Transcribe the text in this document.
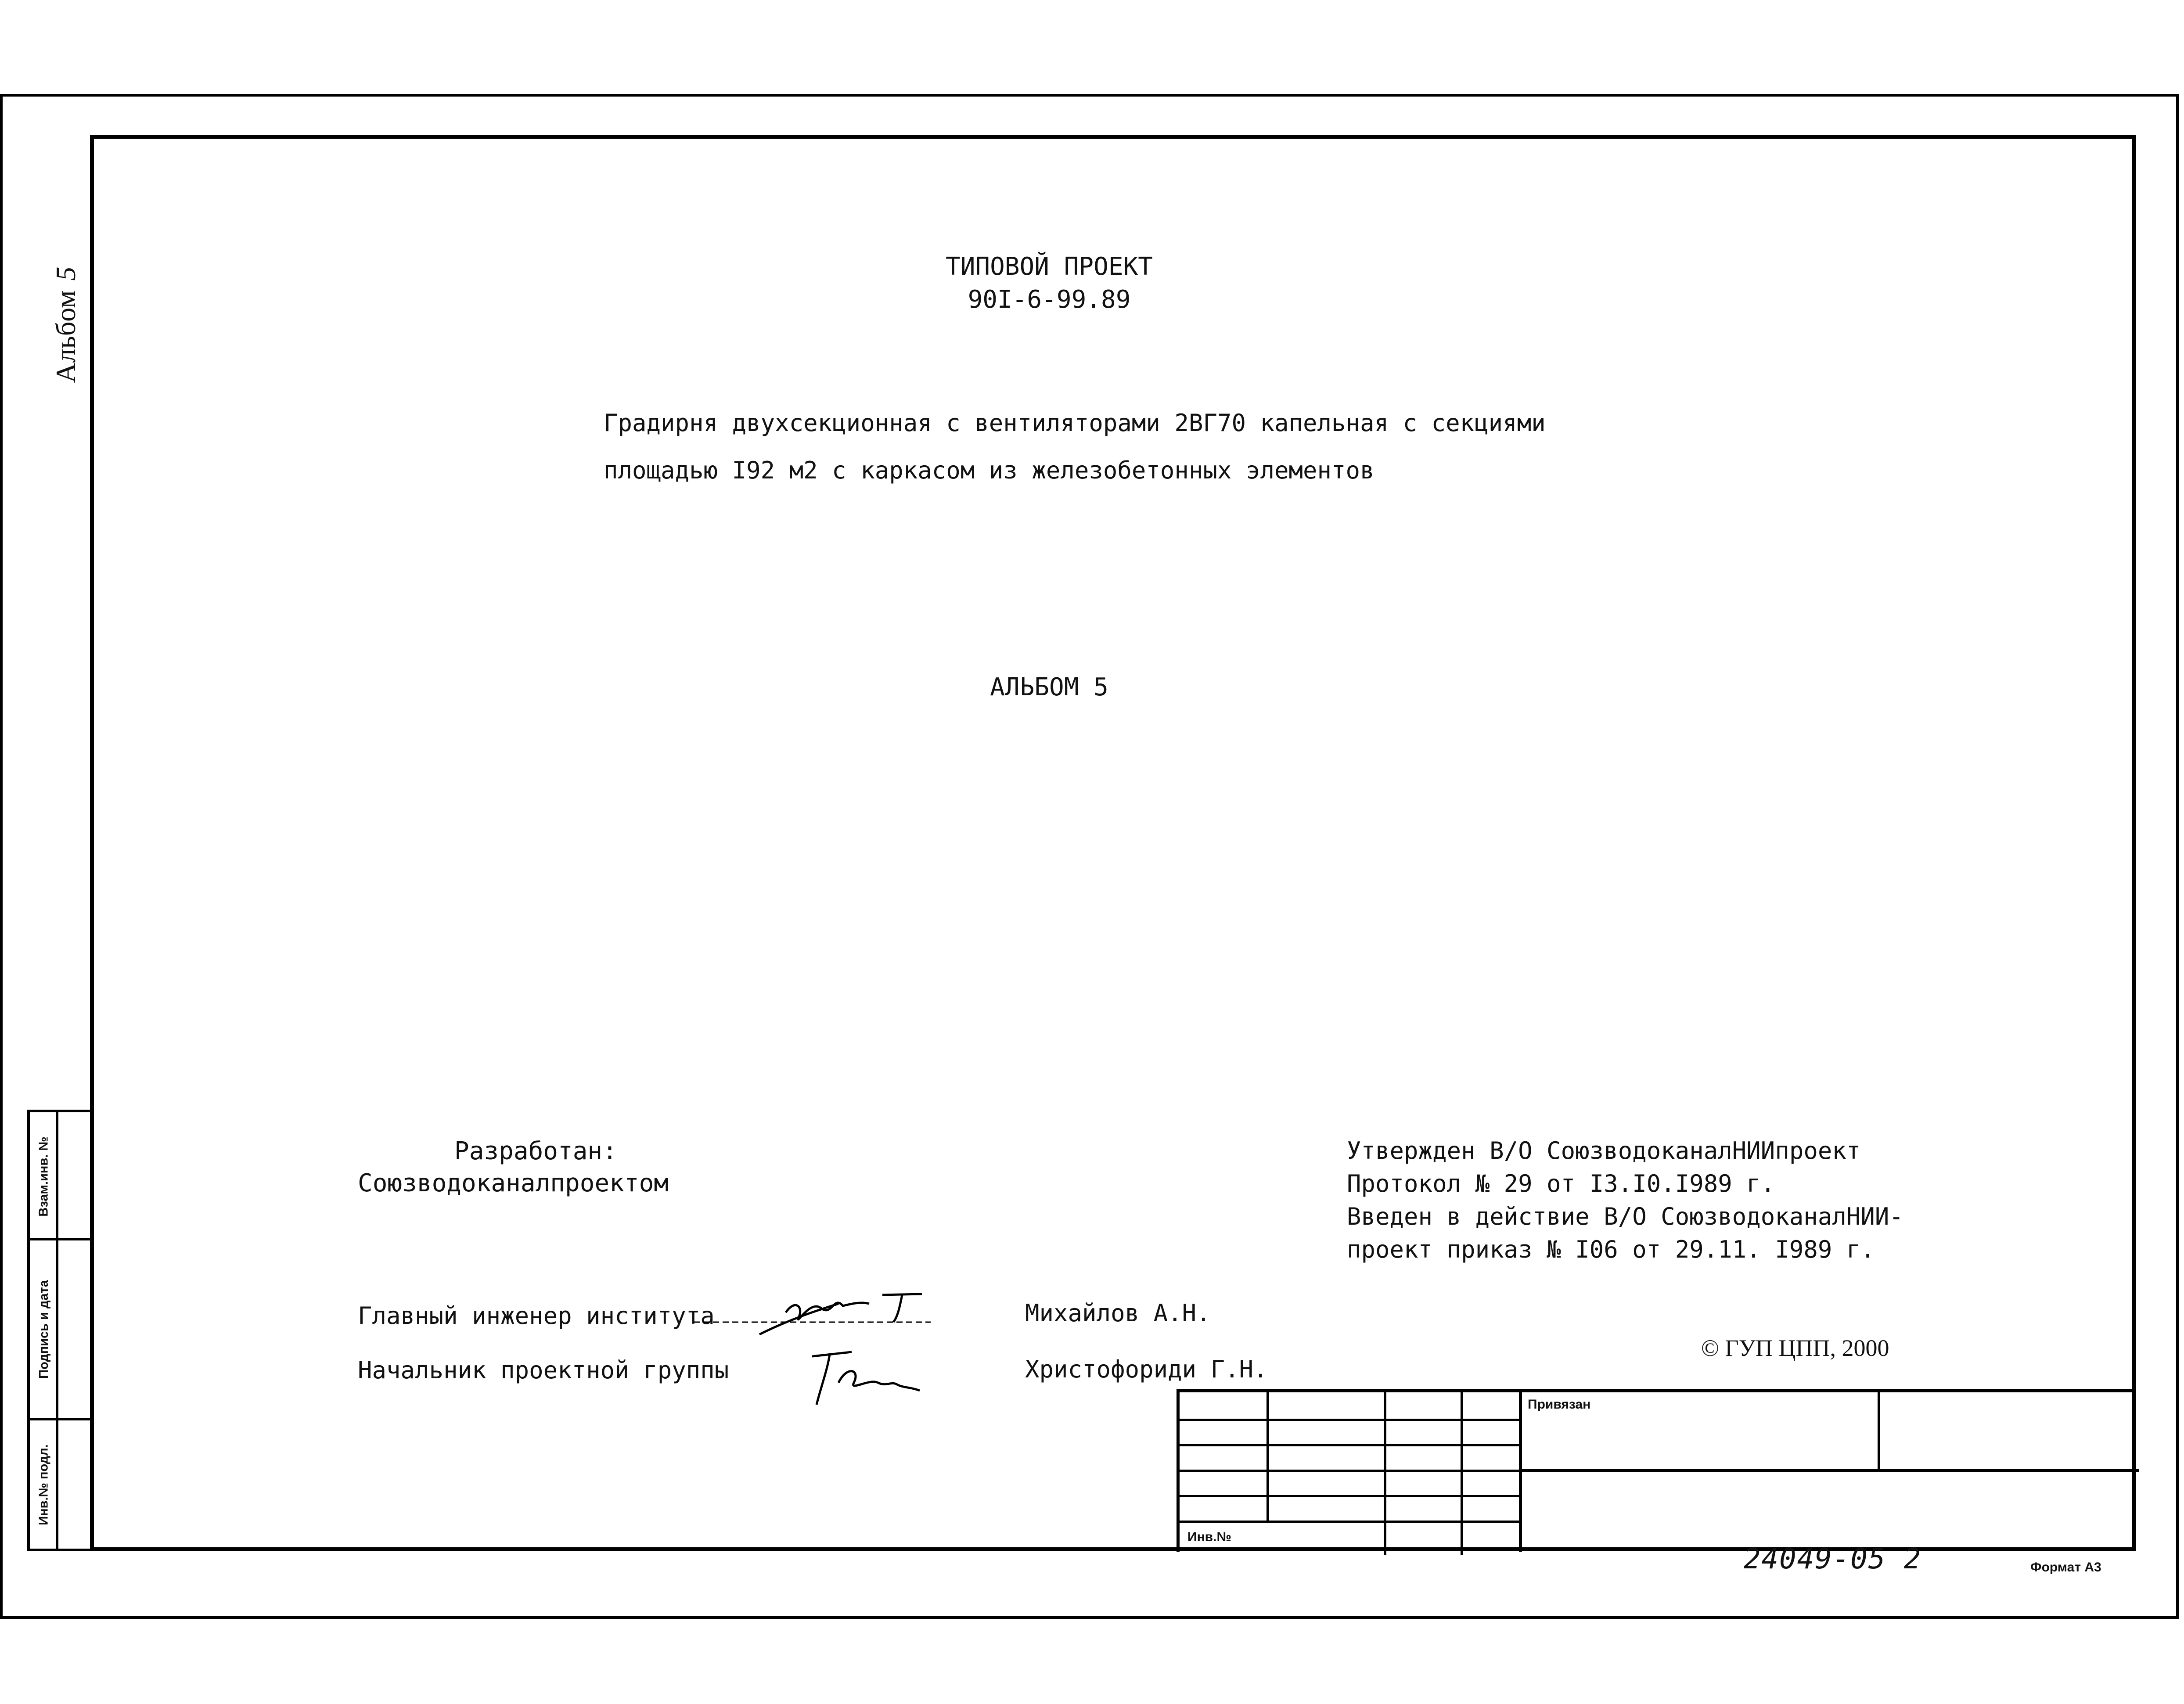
Альбом
5
Взам.инв. №
Подпись и дата
Инв.№ подл.
ТИПОВОЙ ПРОЕКТ
90I-6-99.89
Градирня двухсекционная с вентиляторами 2ВГ70 капельная с секциями
площадью I92 м2 с каркасом из железобетонных элементов
АЛЬБОМ 5
Разработан:
Союзводоканалпроектом
Главный инженер института
Начальник проектной группы
Михайлов А.Н.
Христофориди Г.Н.
Утвержден В/О СоюзводоканалНИИпроект
Протокол № 29 от I3.I0.I989 г.
Введен в действие В/О СоюзводоканалНИИ-
проект приказ № I06 от 29.11. I989 г.
© ГУП ЦПП, 2000
Инв.№
Привязан
24049-05 2	Формат А3
